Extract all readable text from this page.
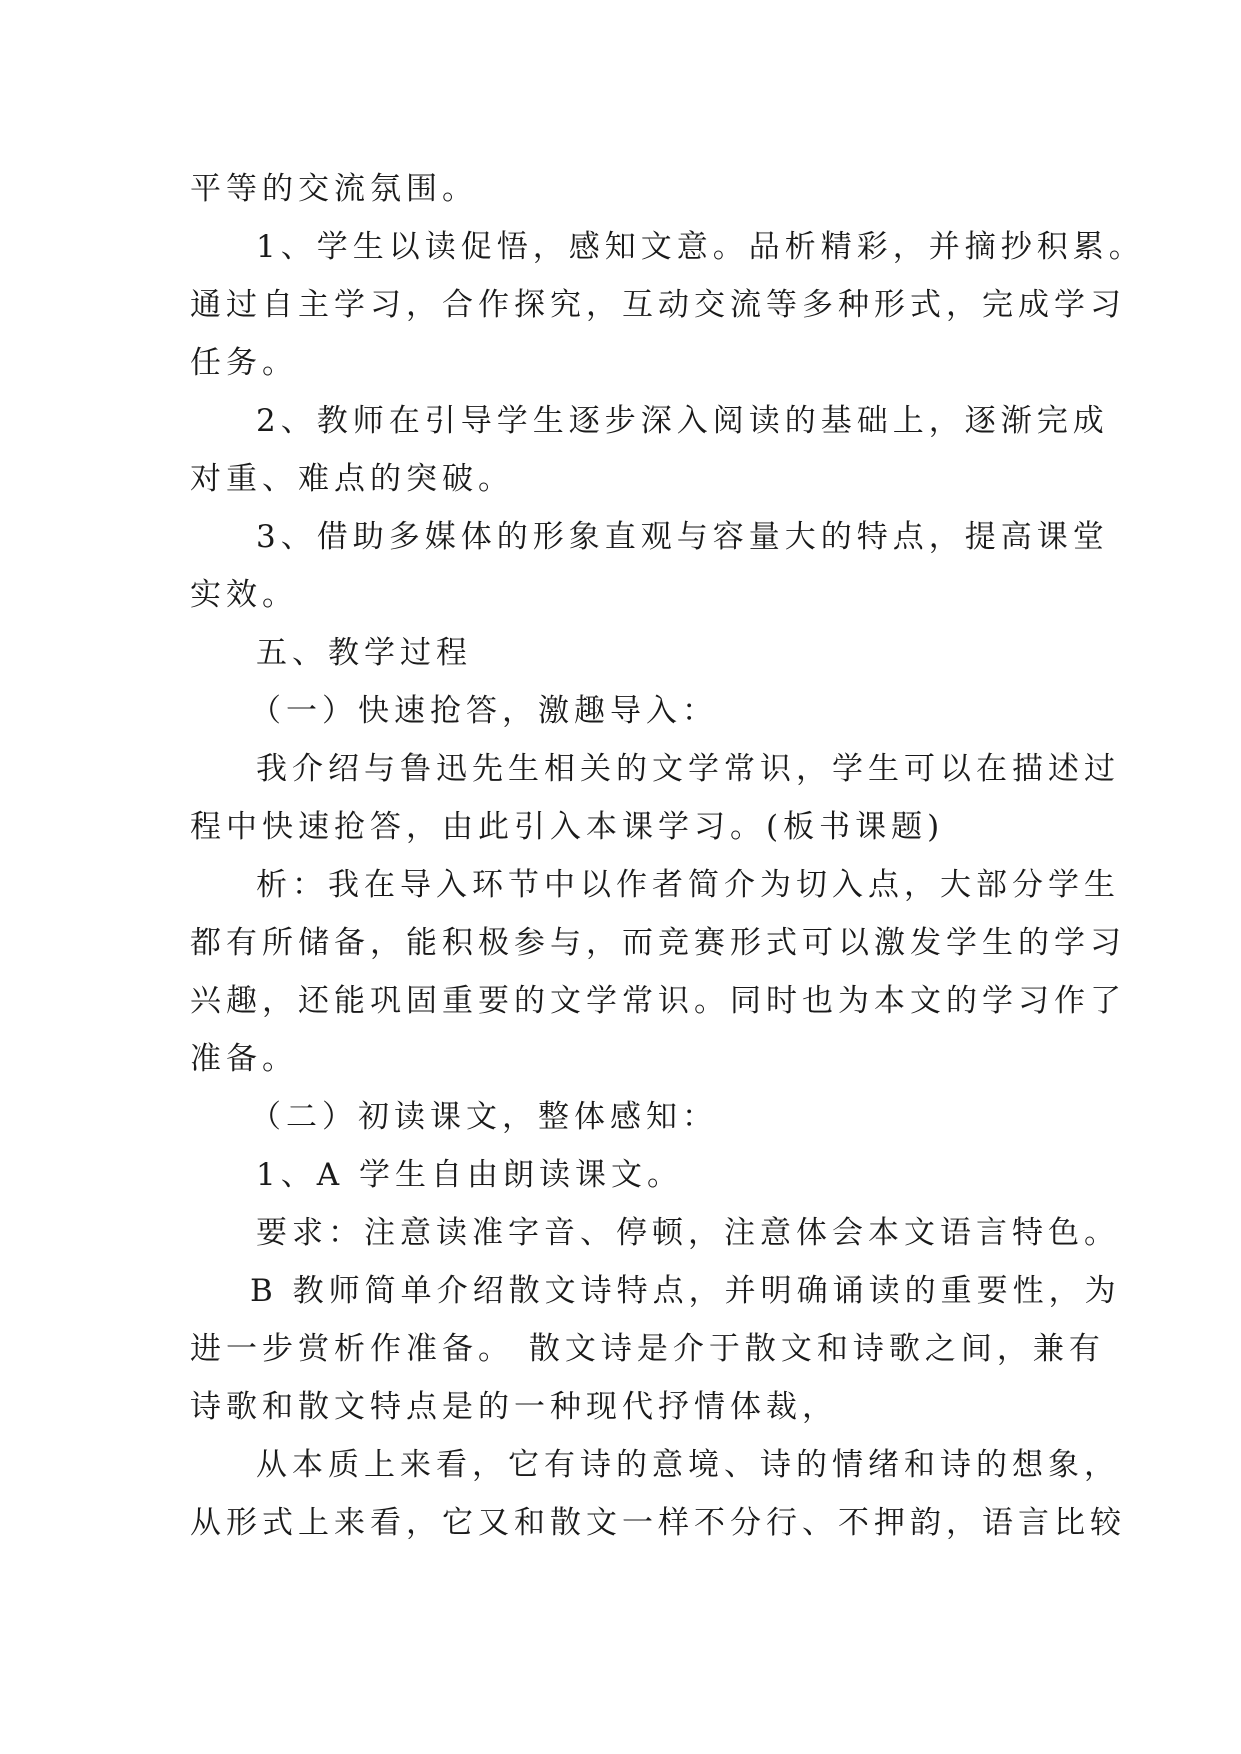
平等的交流氛围。
1、学生以读促悟，感知文意。品析精彩，并摘抄积累。
通过自主学习，合作探究，互动交流等多种形式，完成学习
任务。
2、教师在引导学生逐步深入阅读的基础上，逐渐完成
对重、难点的突破。
3、借助多媒体的形象直观与容量大的特点，提高课堂
实效。
五、教学过程
（一）快速抢答，激趣导入：
我介绍与鲁迅先生相关的文学常识，学生可以在描述过
程中快速抢答，由此引入本课学习。(板书课题)
析：我在导入环节中以作者简介为切入点，大部分学生
都有所储备，能积极参与，而竞赛形式可以激发学生的学习
兴趣，还能巩固重要的文学常识。同时也为本文的学习作了
准备。
（二）初读课文，整体感知：
1、A 学生自由朗读课文。
要求：注意读准字音、停顿，注意体会本文语言特色。
B 教师简单介绍散文诗特点，并明确诵读的重要性，为
进一步赏析作准备。 散文诗是介于散文和诗歌之间，兼有
诗歌和散文特点是的一种现代抒情体裁，
从本质上来看，它有诗的意境、诗的情绪和诗的想象，
从形式上来看，它又和散文一样不分行、不押韵，语言比较
